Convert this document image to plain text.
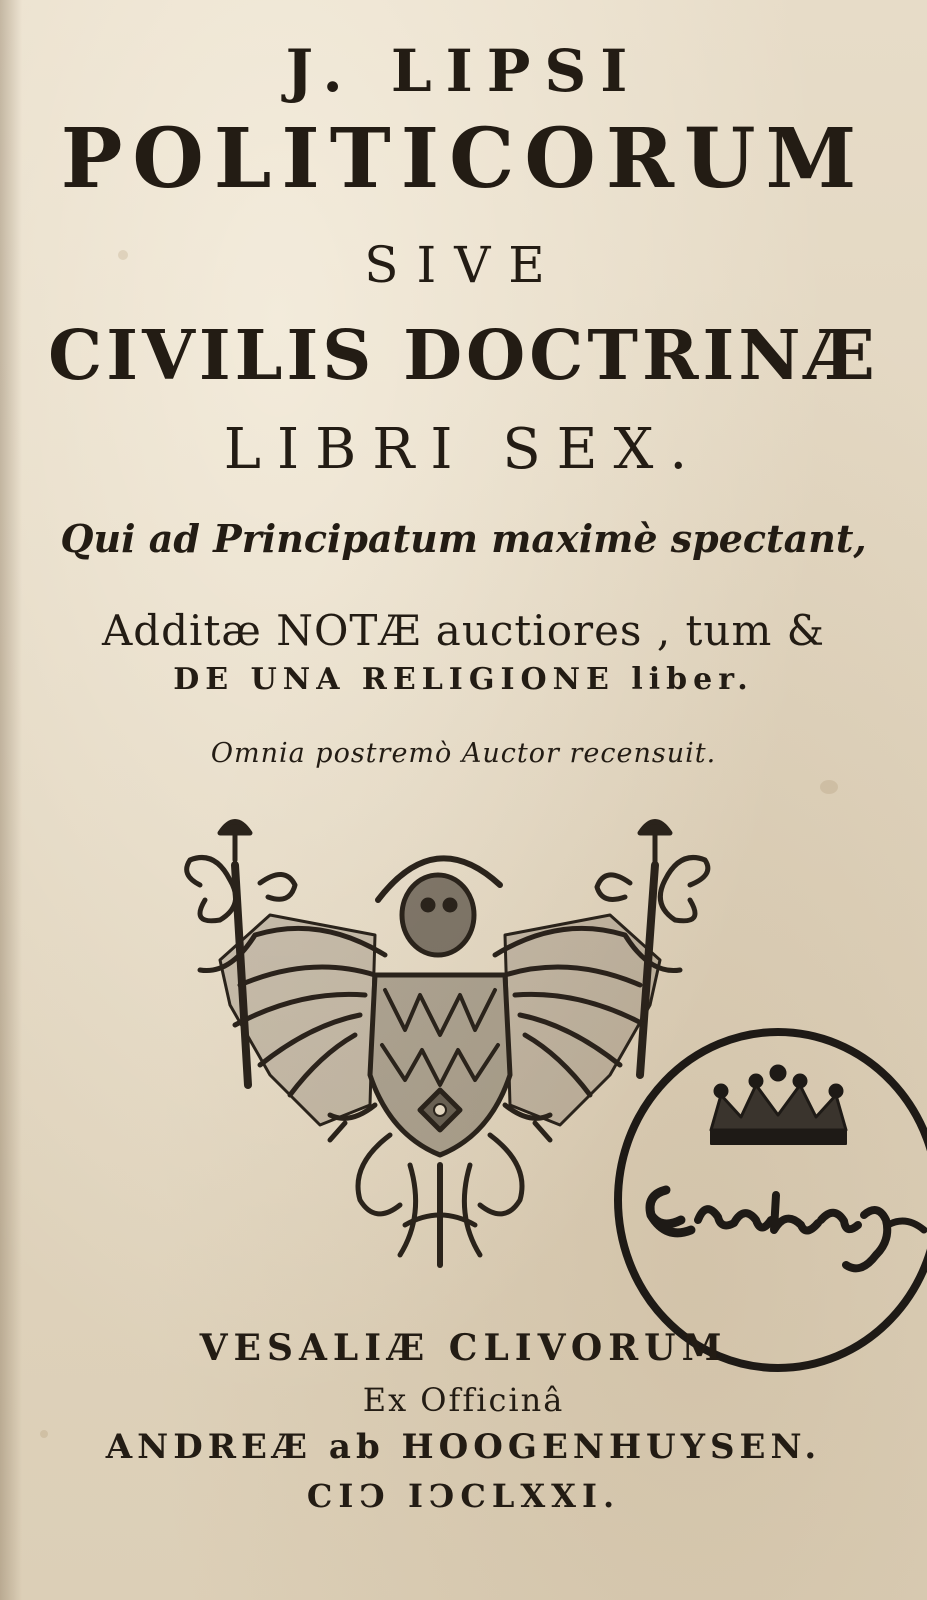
J. LIPSI
POLITICORUM
SIVE
CIVILIS DOCTRINÆ
LIBRI SEX.
Qui ad Principatum maximè spectant,
Additæ NOTÆ auctiores , tum &
DE UNA RELIGIONE liber.
Omnia postremò Auctor recensuit.
VESALIÆ CLIVORUM
Ex Officinâ
ANDREÆ ab HOOGENHUYSEN.
CIↃ IↃCLXXI.
